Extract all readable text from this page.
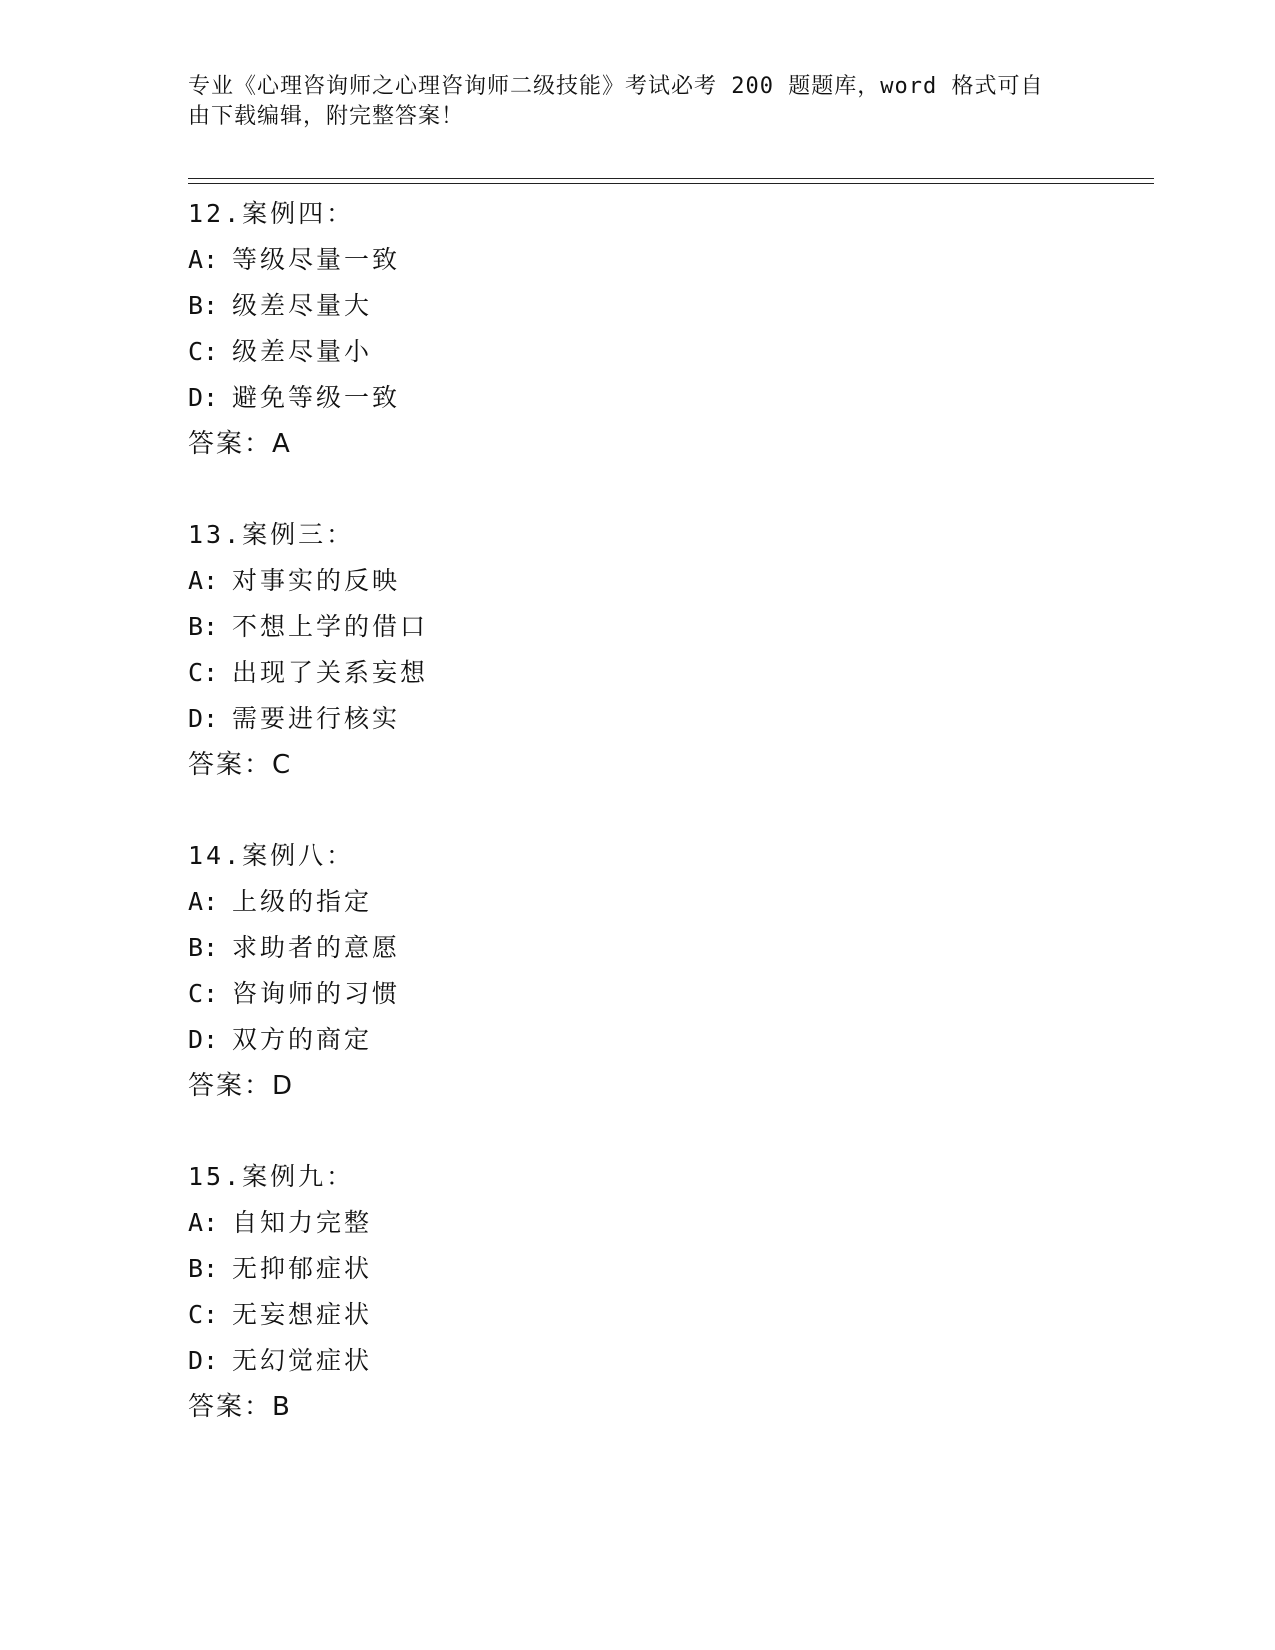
专业《心理咨询师之心理咨询师二级技能》考试必考 200 题题库，word 格式可自
由下载编辑，附完整答案！
12.案例四：
A: 等级尽量一致
B: 级差尽量大
C: 级差尽量小
D: 避免等级一致
答案：A
13.案例三：
A: 对事实的反映
B: 不想上学的借口
C: 出现了关系妄想
D: 需要进行核实
答案：C
14.案例八：
A: 上级的指定
B: 求助者的意愿
C: 咨询师的习惯
D: 双方的商定
答案：D
15.案例九：
A: 自知力完整
B: 无抑郁症状
C: 无妄想症状
D: 无幻觉症状
答案：B
